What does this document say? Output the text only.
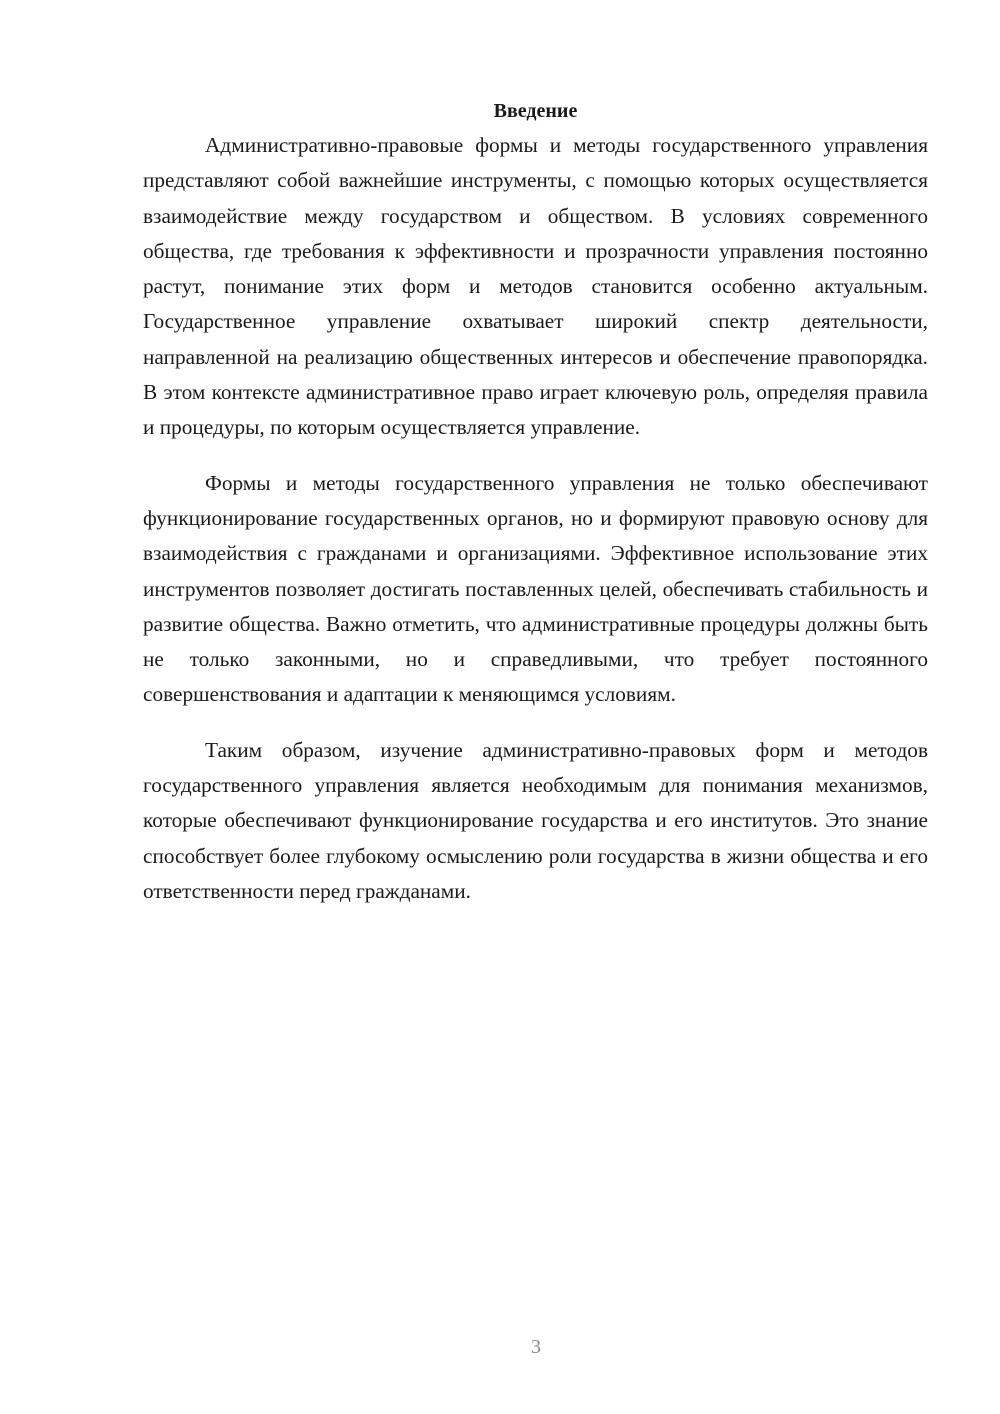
Введение

Административно-правовые формы и методы государственного управления представляют собой важнейшие инструменты, с помощью которых осуществляется взаимодействие между государством и обществом. В условиях современного общества, где требования к эффективности и прозрачности управления постоянно растут, понимание этих форм и методов становится особенно актуальным. Государственное управление охватывает широкий спектр деятельности, направленной на реализацию общественных интересов и обеспечение правопорядка. В этом контексте административное право играет ключевую роль, определяя правила и процедуры, по которым осуществляется управление.

Формы и методы государственного управления не только обеспечивают функционирование государственных органов, но и формируют правовую основу для взаимодействия с гражданами и организациями. Эффективное использование этих инструментов позволяет достигать поставленных целей, обеспечивать стабильность и развитие общества. Важно отметить, что административные процедуры должны быть не только законными, но и справедливыми, что требует постоянного совершенствования и адаптации к меняющимся условиям.

Таким образом, изучение административно-правовых форм и методов государственного управления является необходимым для понимания механизмов, которые обеспечивают функционирование государства и его институтов. Это знание способствует более глубокому осмыслению роли государства в жизни общества и его ответственности перед гражданами.

3
